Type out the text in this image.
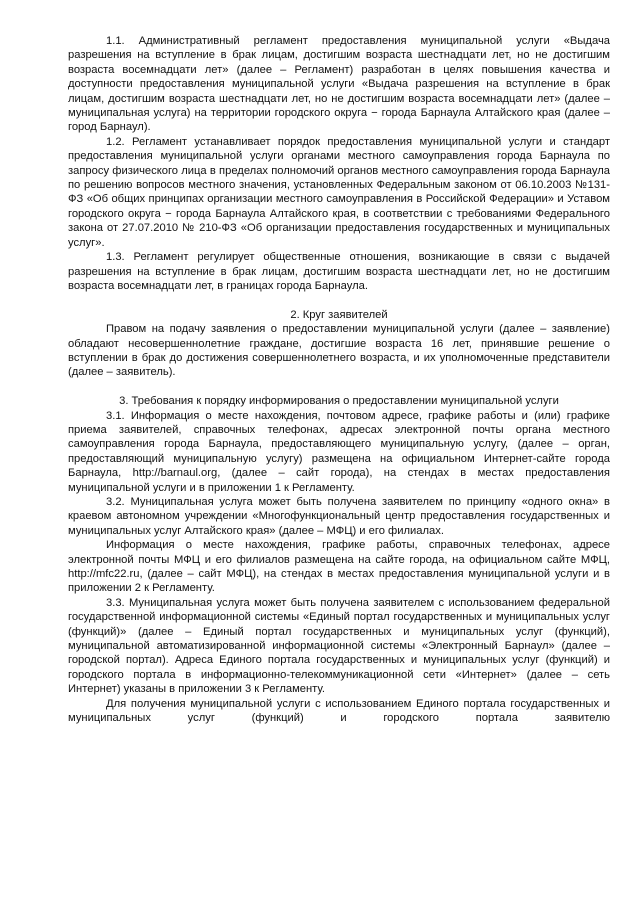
1.1. Административный регламент предоставления муниципальной услуги «Выдача разрешения на вступление в брак лицам, достигшим возраста шестнадцати лет, но не достигшим возраста восемнадцати лет» (далее – Регламент) разработан в целях повышения качества и доступности предоставления муниципальной услуги «Выдача разрешения на вступление в брак лицам, достигшим возраста шестнадцати лет, но не достигшим возраста восемнадцати лет» (далее – муниципальная услуга) на территории городского округа − города Барнаула Алтайского края (далее – город Барнаул).

1.2. Регламент устанавливает порядок предоставления муниципальной услуги и стандарт предоставления муниципальной услуги органами местного самоуправления города Барнаула по запросу физического лица в пределах полномочий органов местного самоуправления города Барнаула по решению вопросов местного значения, установленных Федеральным законом от 06.10.2003 №131-ФЗ «Об общих принципах организации местного самоуправления в Российской Федерации» и Уставом городского округа − города Барнаула Алтайского края, в соответствии с требованиями Федерального закона от 27.07.2010 № 210-ФЗ «Об организации предоставления государственных и муниципальных услуг».

1.3. Регламент регулирует общественные отношения, возникающие в связи с выдачей разрешения на вступление в брак лицам, достигшим возраста шестнадцати лет, но не достигшим возраста восемнадцати лет, в границах города Барнаула.

2. Круг заявителей

Правом на подачу заявления о предоставлении муниципальной услуги (далее – заявление) обладают несовершеннолетние граждане, достигшие возраста 16 лет, принявшие решение о вступлении в брак до достижения совершеннолетнего возраста, и их уполномоченные представители (далее – заявитель).

3. Требования к порядку информирования о предоставлении муниципальной услуги

3.1. Информация о месте нахождения, почтовом адресе, графике работы и (или) графике приема заявителей, справочных телефонах, адресах электронной почты органа местного самоуправления города Барнаула, предоставляющего муниципальную услугу, (далее – орган, предоставляющий муниципальную услугу) размещена на официальном Интернет-сайте города Барнаула, http://barnaul.org, (далее – сайт города), на стендах в местах предоставления муниципальной услуги и в приложении 1 к Регламенту.

3.2. Муниципальная услуга может быть получена заявителем по принципу «одного окна» в краевом автономном учреждении «Многофункциональный центр предоставления государственных и муниципальных услуг Алтайского края» (далее – МФЦ) и его филиалах.

Информация о месте нахождения, графике работы, справочных телефонах, адресе электронной почты МФЦ и его филиалов размещена на сайте города, на официальном сайте МФЦ, http://mfc22.ru, (далее – сайт МФЦ), на стендах в местах предоставления муниципальной услуги и в приложении 2 к Регламенту.

3.3. Муниципальная услуга может быть получена заявителем с использованием федеральной государственной информационной системы «Единый портал государственных и муниципальных услуг (функций)» (далее – Единый портал государственных и муниципальных услуг (функций), муниципальной автоматизированной информационной системы «Электронный Барнаул» (далее – городской портал). Адреса Единого портала государственных и муниципальных услуг (функций) и городского портала в информационно-телекоммуникационной сети «Интернет» (далее – сеть Интернет) указаны в приложении 3 к Регламенту.

Для получения муниципальной услуги с использованием Единого портала государственных и муниципальных услуг (функций) и городского портала заявителю
